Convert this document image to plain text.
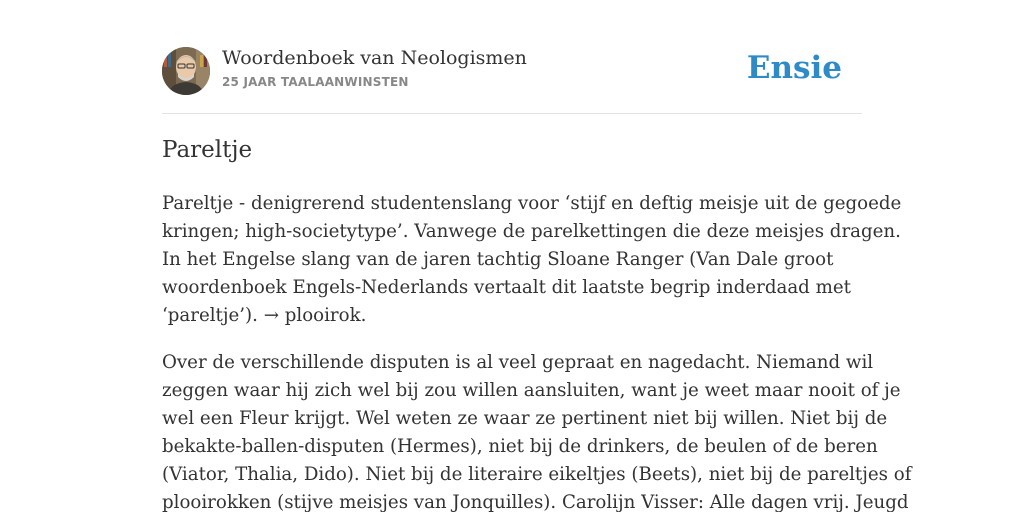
Woordenboek van Neologismen
25 JAAR TAALAANWINSTEN	Ensie
Pareltje

Pareltje - denigrerend studentenslang voor ‘stijf en deftig meisje uit de gegoede
kringen; high-societytype’. Vanwege de parelkettingen die deze meisjes dragen.
In het Engelse slang van de jaren tachtig Sloane Ranger (Van Dale groot
woordenboek Engels-Nederlands vertaalt dit laatste begrip inderdaad met
‘pareltje’). → plooirok.

Over de verschillende disputen is al veel gepraat en nagedacht. Niemand wil
zeggen waar hij zich wel bij zou willen aansluiten, want je weet maar nooit of je
wel een Fleur krijgt. Wel weten ze waar ze pertinent niet bij willen. Niet bij de
bekakte-ballen-disputen (Hermes), niet bij de drinkers, de beulen of de beren
(Viator, Thalia, Dido). Niet bij de literaire eikeltjes (Beets), niet bij de pareltjes of
plooirokken (stijve meisjes van Jonquilles). Carolijn Visser: Alle dagen vrij. Jeugd
